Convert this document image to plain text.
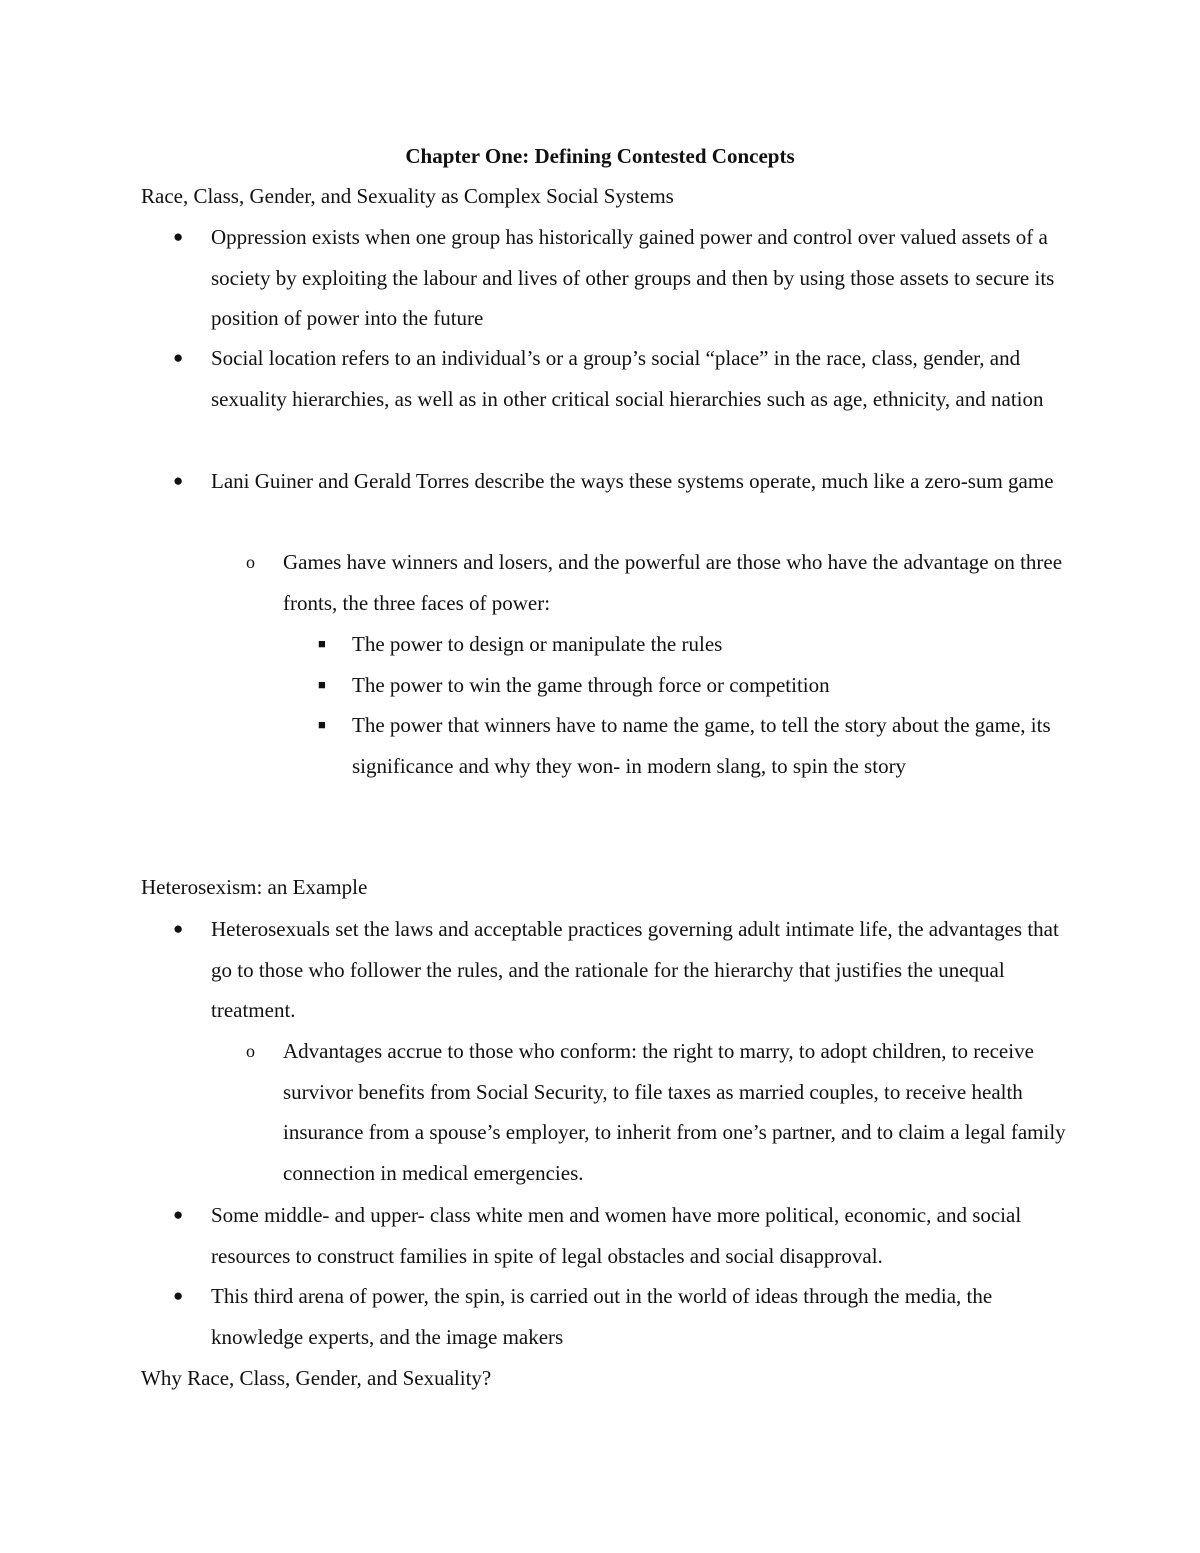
Chapter One: Defining Contested Concepts
Race, Class, Gender, and Sexuality as Complex Social Systems
● Oppression exists when one group has historically gained power and control over valued assets of a society by exploiting the labour and lives of other groups and then by using those assets to secure its position of power into the future
● Social location refers to an individual’s or a group’s social “place” in the race, class, gender, and sexuality hierarchies, as well as in other critical social hierarchies such as age, ethnicity, and nation
● Lani Guiner and Gerald Torres describe the ways these systems operate, much like a zero-sum game
o Games have winners and losers, and the powerful are those who have the advantage on three fronts, the three faces of power:
■ The power to design or manipulate the rules
■ The power to win the game through force or competition
■ The power that winners have to name the game, to tell the story about the game, its significance and why they won- in modern slang, to spin the story
Heterosexism: an Example
● Heterosexuals set the laws and acceptable practices governing adult intimate life, the advantages that go to those who follower the rules, and the rationale for the hierarchy that justifies the unequal treatment.
o Advantages accrue to those who conform: the right to marry, to adopt children, to receive survivor benefits from Social Security, to file taxes as married couples, to receive health insurance from a spouse’s employer, to inherit from one’s partner, and to claim a legal family connection in medical emergencies.
● Some middle- and upper- class white men and women have more political, economic, and social resources to construct families in spite of legal obstacles and social disapproval.
● This third arena of power, the spin, is carried out in the world of ideas through the media, the knowledge experts, and the image makers
Why Race, Class, Gender, and Sexuality?
